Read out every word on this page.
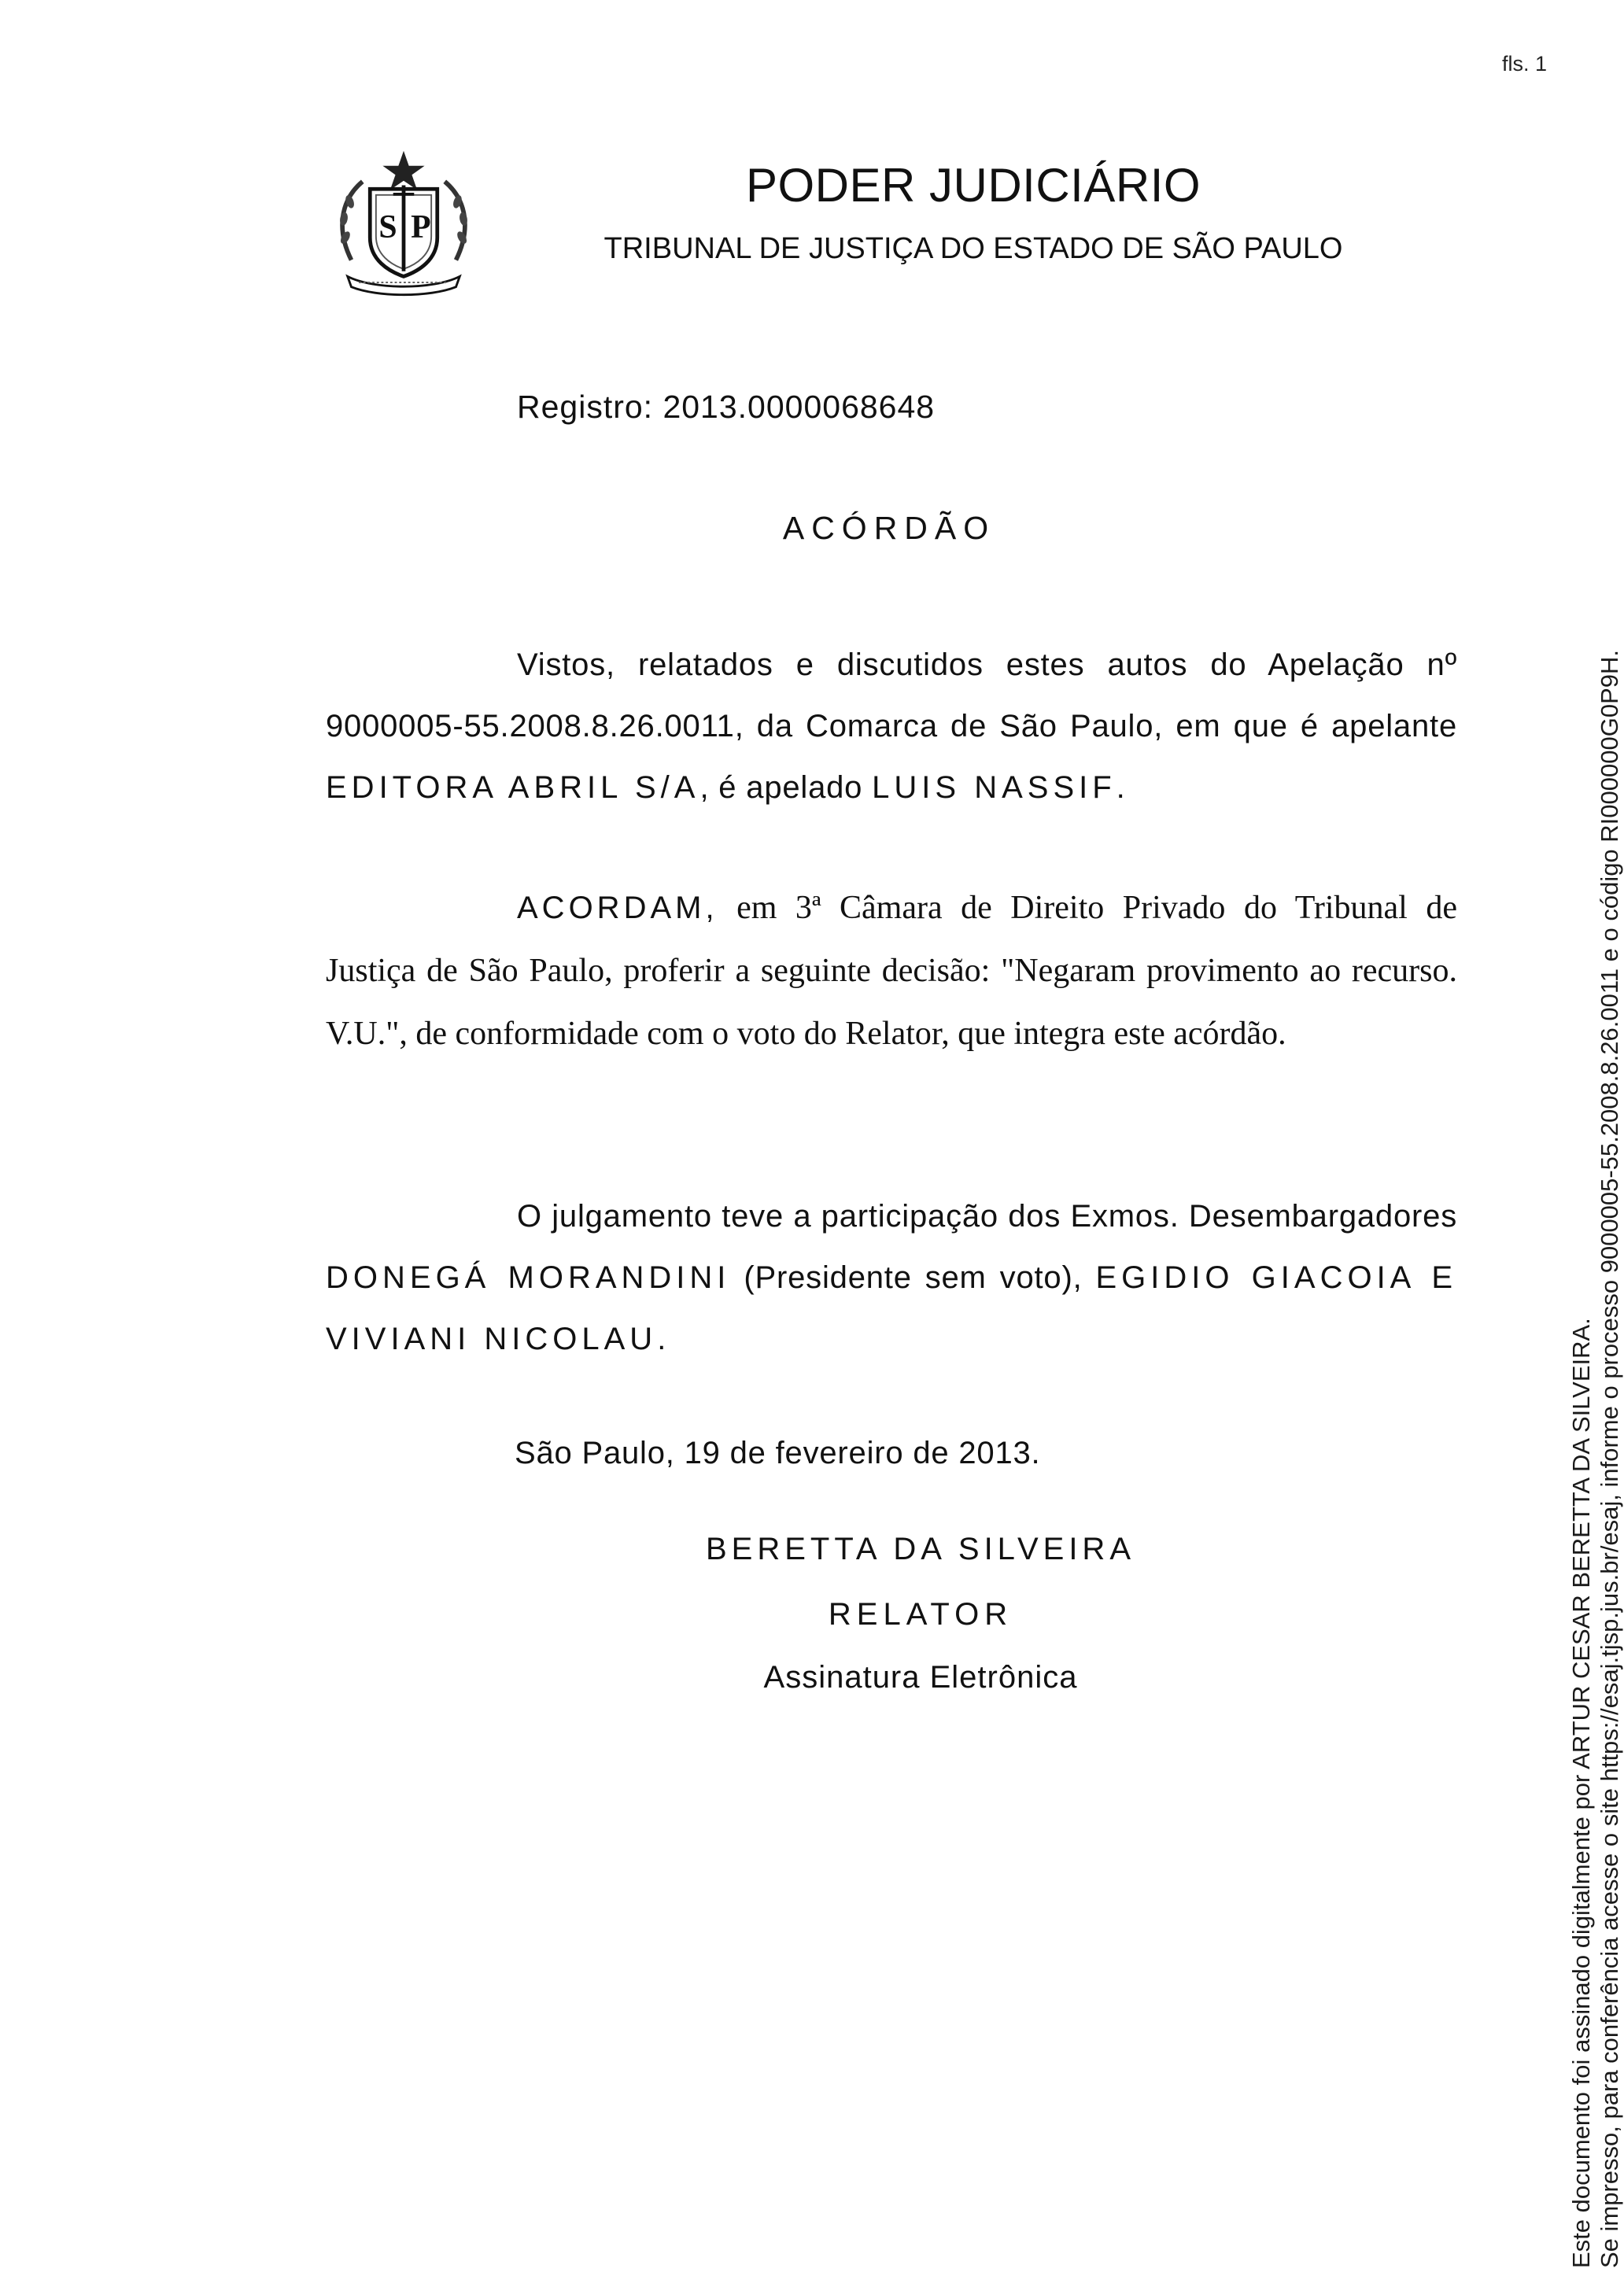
fls. 1
S P
PODER JUDICIÁRIO
TRIBUNAL DE JUSTIÇA DO ESTADO DE SÃO PAULO
Registro: 2013.0000068648
ACÓRDÃO
Vistos, relatados e discutidos estes autos do Apelação nº 9000005-55.2008.8.26.0011, da Comarca de São Paulo, em que é apelante EDITORA ABRIL S/A, é apelado LUIS NASSIF.
ACORDAM, em 3ª Câmara de Direito Privado do Tribunal de Justiça de São Paulo, proferir a seguinte decisão: "Negaram provimento ao recurso. V.U.", de conformidade com o voto do Relator, que integra este acórdão.
O julgamento teve a participação dos Exmos. Desembargadores DONEGÁ MORANDINI (Presidente sem voto), EGIDIO GIACOIA E VIVIANI NICOLAU.
São Paulo, 19 de fevereiro de 2013.
BERETTA DA SILVEIRA
RELATOR
Assinatura Eletrônica	Este documento foi assinado digitalmente por ARTUR CESAR BERETTA DA SILVEIRA. Se impresso, para conferência acesse o site https://esaj.tjsp.jus.br/esaj, informe o processo 9000005-55.2008.8.26.0011 e o código RI000000G0P9H.
